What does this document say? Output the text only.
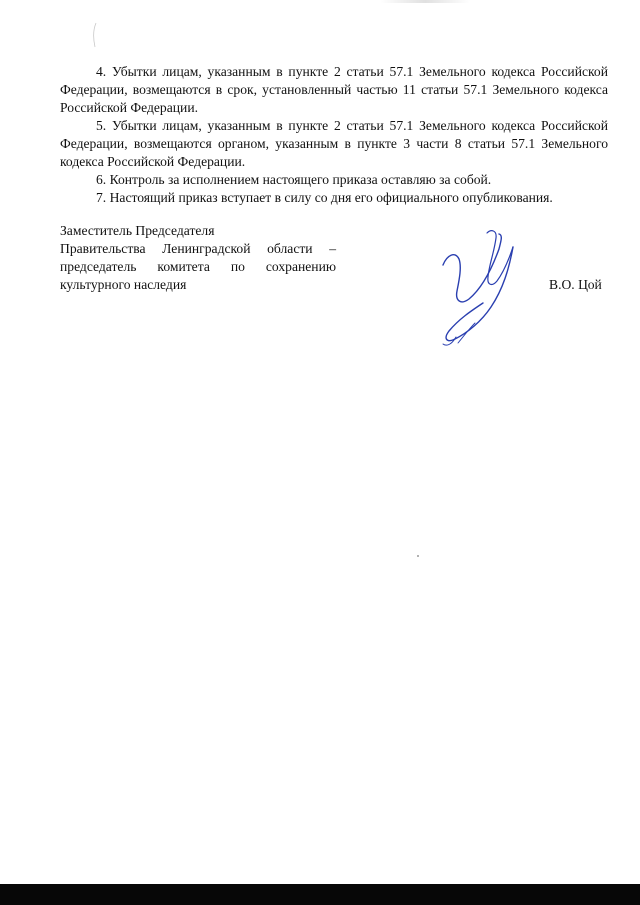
4. Убытки лицам, указанным в пункте 2 статьи 57.1 Земельного кодекса Российской Федерации, возмещаются в срок, установленный частью 11 статьи 57.1 Земельного кодекса Российской Федерации.

5. Убытки лицам, указанным в пункте 2 статьи 57.1 Земельного кодекса Российской Федерации, возмещаются органом, указанным в пункте 3 части 8 статьи 57.1 Земельного кодекса Российской Федерации.

6. Контроль за исполнением настоящего приказа оставляю за собой.

7. Настоящий приказ вступает в силу со дня его официального опубликования.

Заместитель Председателя
Правительства Ленинградской области –
председатель комитета по сохранению
культурного наследия	В.О. Цой
